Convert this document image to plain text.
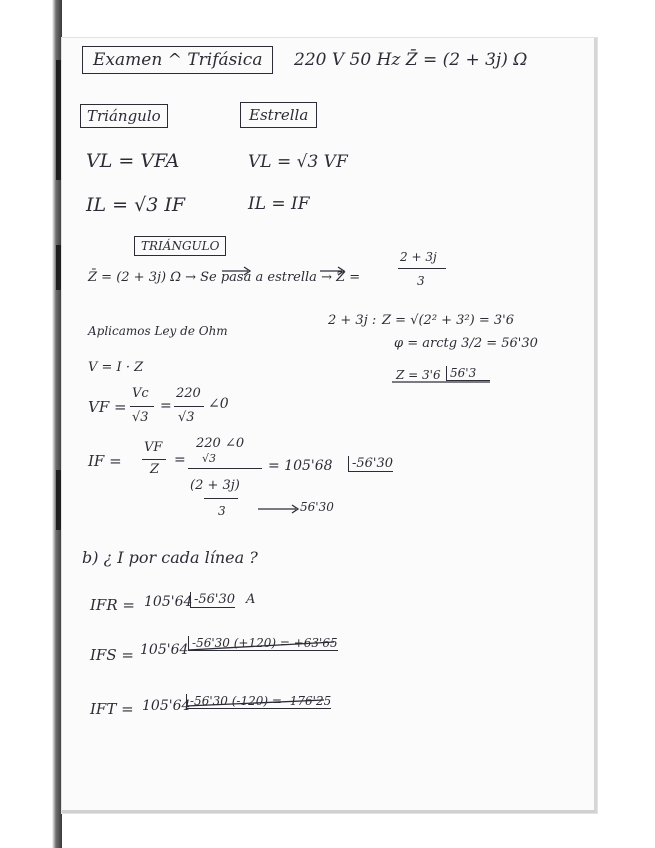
Examen ^ Trifásica	220 V 50 Hz Z̄ = (2 + 3j) Ω
Triángulo	Estrella
VL = VFA	VL = √3 VF
IL = √3 IF	IL = IF
TRIÁNGULO
Z̄ = (2 + 3j) Ω → Se pasa a estrella → Z =
2 + 3j
3
2 + 3j : Z = √(2² + 3²) = 3'6
φ = arctg 3/2 = 56'30
Z = 3'6 56'3
Aplicamos Ley de Ohm
V = I · Z
VF =
Vc
√3
=
220
√3
∠0
IF =
VF
Z
=
220 ∠0
√3
(2 + 3j)
3
= 105'68	-56'30
56'30
b) ¿ I por cada línea ?
IFR = 105'64 -56'30 A
IFS = 105'64 -56'30 (+120) = +63'65
IFT = 105'64 -56'30 (-120) = -176'25
